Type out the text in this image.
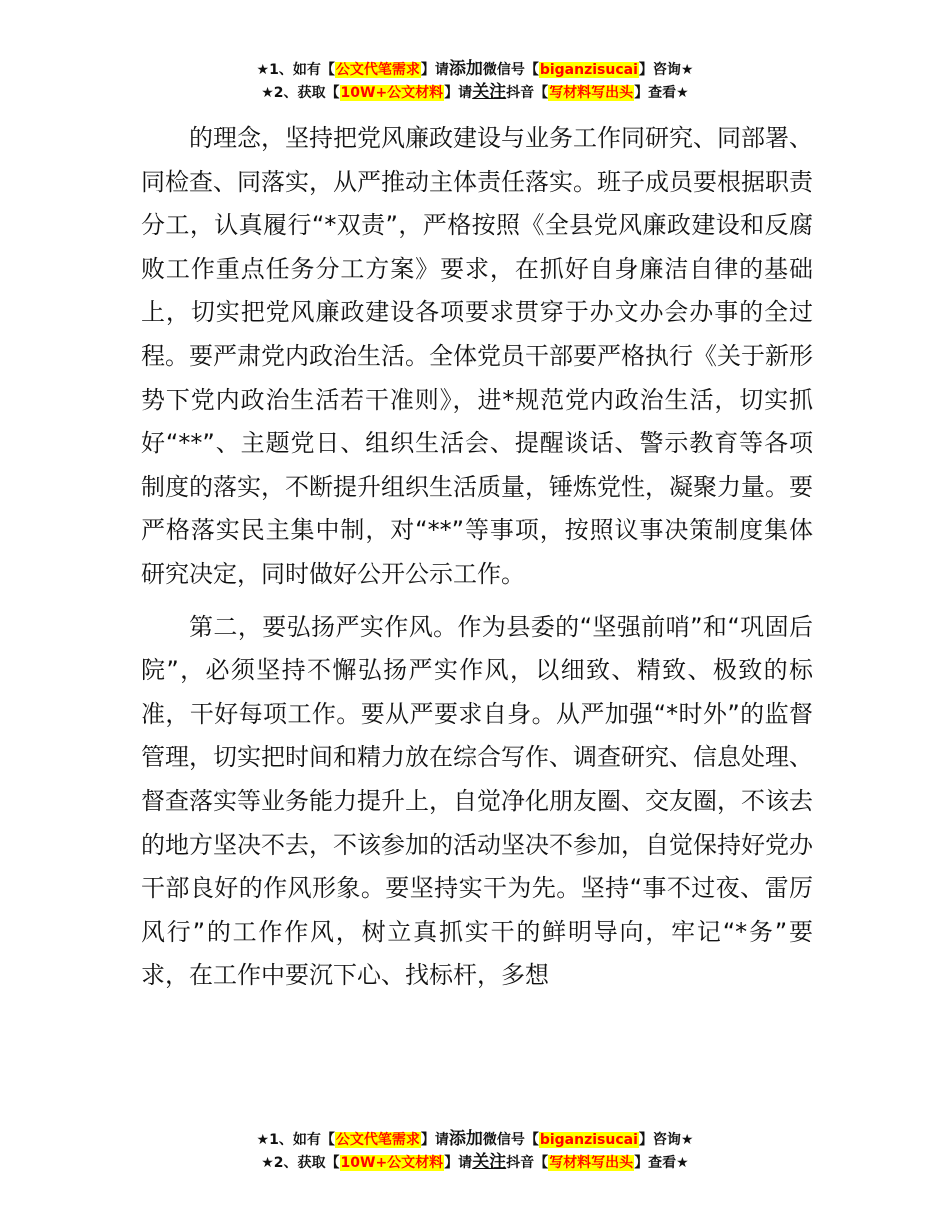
★1、如有【公文代笔需求】请添加微信号【biganzisucai】咨询★
★2、获取【10W+公文材料】请关注抖音【写材料写出头】查看★

的理念，坚持把党风廉政建设与业务工作同研究、同部署、同检查、同落实，从严推动主体责任落实。班子成员要根据职责分工，认真履行“*双责”，严格按照《全县党风廉政建设和反腐败工作重点任务分工方案》要求，在抓好自身廉洁自律的基础上，切实把党风廉政建设各项要求贯穿于办文办会办事的全过程。要严肃党内政治生活。全体党员干部要严格执行《关于新形势下党内政治生活若干准则》，进*规范党内政治生活，切实抓好“**”、主题党日、组织生活会、提醒谈话、警示教育等各项制度的落实，不断提升组织生活质量，锤炼党性，凝聚力量。要严格落实民主集中制，对“**”等事项，按照议事决策制度集体研究决定，同时做好公开公示工作。

第二，要弘扬严实作风。作为县委的“坚强前哨”和“巩固后院”，必须坚持不懈弘扬严实作风，以细致、精致、极致的标准，干好每项工作。要从严要求自身。从严加强“*时外”的监督管理，切实把时间和精力放在综合写作、调查研究、信息处理、督查落实等业务能力提升上，自觉净化朋友圈、交友圈，不该去的地方坚决不去，不该参加的活动坚决不参加，自觉保持好党办干部良好的作风形象。要坚持实干为先。坚持“事不过夜、雷厉风行”的工作作风，树立真抓实干的鲜明导向，牢记“*务”要求，在工作中要沉下心、找标杆，多想

★1、如有【公文代笔需求】请添加微信号【biganzisucai】咨询★
★2、获取【10W+公文材料】请关注抖音【写材料写出头】查看★
